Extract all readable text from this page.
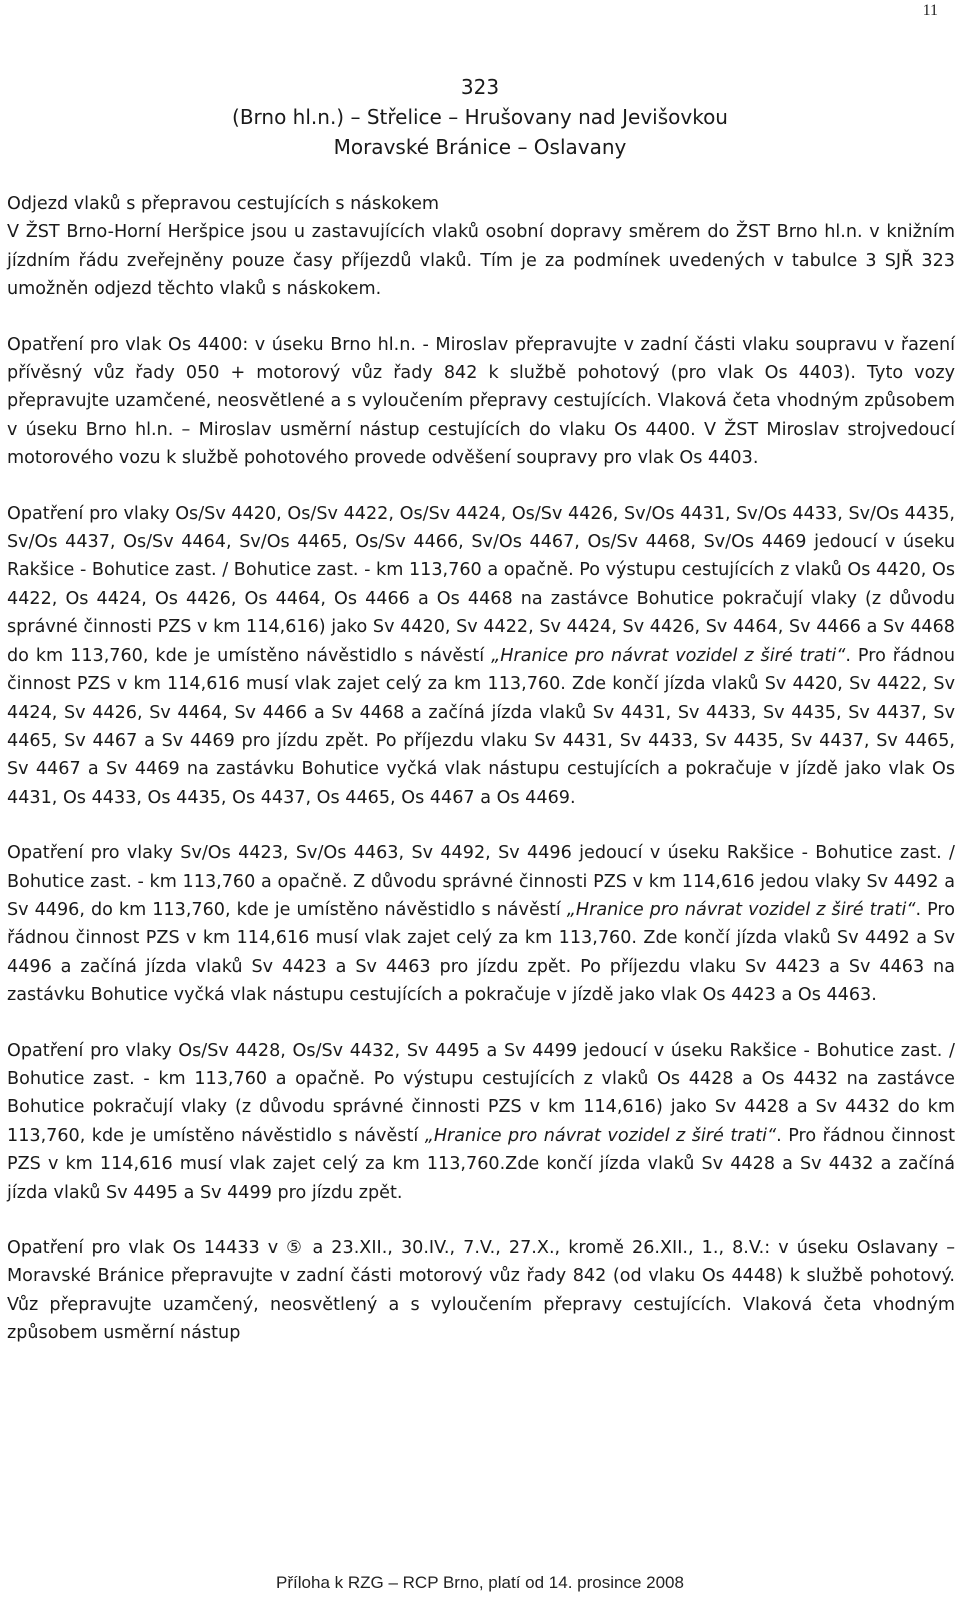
11
323
(Brno hl.n.) – Střelice – Hrušovany nad Jevišovkou
Moravské Bránice – Oslavany

Odjezd vlaků s přepravou cestujících s náskokem

V ŽST Brno-Horní Heršpice jsou u zastavujících vlaků osobní dopravy směrem do ŽST Brno hl.n. v knižním jízdním řádu zveřejněny pouze časy příjezdů vlaků. Tím je za podmínek uvedených v tabulce 3 SJŘ 323 umožněn odjezd těchto vlaků s náskokem.

Opatření pro vlak Os 4400: v úseku Brno hl.n. - Miroslav přepravujte v zadní části vlaku soupravu v řazení přívěsný vůz řady 050 + motorový vůz řady 842 k službě pohotový (pro vlak Os 4403). Tyto vozy přepravujte uzamčené, neosvětlené a s vyloučením přepravy cestujících. Vlaková četa vhodným způsobem v úseku Brno hl.n. – Miroslav usměrní nástup cestujících do vlaku Os 4400. V ŽST Miroslav strojvedoucí motorového vozu k službě pohotového provede odvěšení soupravy pro vlak Os 4403.

Opatření pro vlaky Os/Sv 4420, Os/Sv 4422, Os/Sv 4424, Os/Sv 4426, Sv/Os 4431, Sv/Os 4433, Sv/Os 4435, Sv/Os 4437, Os/Sv 4464, Sv/Os 4465, Os/Sv 4466, Sv/Os 4467, Os/Sv 4468, Sv/Os 4469 jedoucí v úseku Rakšice - Bohutice zast. / Bohutice zast. - km 113,760 a opačně. Po výstupu cestujících z vlaků Os 4420, Os 4422, Os 4424, Os 4426, Os 4464, Os 4466 a Os 4468 na zastávce Bohutice pokračují vlaky (z důvodu správné činnosti PZS v km 114,616) jako Sv 4420, Sv 4422, Sv 4424, Sv 4426, Sv 4464, Sv 4466 a Sv 4468 do km 113,760, kde je umístěno návěstidlo s návěstí „Hranice pro návrat vozidel z širé trati“. Pro řádnou činnost PZS v km 114,616 musí vlak zajet celý za km 113,760. Zde končí jízda vlaků Sv 4420, Sv 4422, Sv 4424, Sv 4426, Sv 4464, Sv 4466 a Sv 4468 a začíná jízda vlaků Sv 4431, Sv 4433, Sv 4435, Sv 4437, Sv 4465, Sv 4467 a Sv 4469 pro jízdu zpět. Po příjezdu vlaku Sv 4431, Sv 4433, Sv 4435, Sv 4437, Sv 4465, Sv 4467 a Sv 4469 na zastávku Bohutice vyčká vlak nástupu cestujících a pokračuje v jízdě jako vlak Os 4431, Os 4433, Os 4435, Os 4437, Os 4465, Os 4467 a Os 4469.

Opatření pro vlaky Sv/Os 4423, Sv/Os 4463, Sv 4492, Sv 4496 jedoucí v úseku Rakšice - Bohutice zast. / Bohutice zast. - km 113,760 a opačně. Z důvodu správné činnosti PZS v km 114,616 jedou vlaky Sv 4492 a Sv 4496, do km 113,760, kde je umístěno návěstidlo s návěstí „Hranice pro návrat vozidel z širé trati“. Pro řádnou činnost PZS v km 114,616 musí vlak zajet celý za km 113,760. Zde končí jízda vlaků Sv 4492 a Sv 4496 a začíná jízda vlaků Sv 4423 a Sv 4463 pro jízdu zpět. Po příjezdu vlaku Sv 4423 a Sv 4463 na zastávku Bohutice vyčká vlak nástupu cestujících a pokračuje v jízdě jako vlak Os 4423 a Os 4463.

Opatření pro vlaky Os/Sv 4428, Os/Sv 4432, Sv 4495 a Sv 4499 jedoucí v úseku Rakšice - Bohutice zast. / Bohutice zast. - km 113,760 a opačně. Po výstupu cestujících z vlaků Os 4428 a Os 4432 na zastávce Bohutice pokračují vlaky (z důvodu správné činnosti PZS v km 114,616) jako Sv 4428 a Sv 4432 do km 113,760, kde je umístěno návěstidlo s návěstí „Hranice pro návrat vozidel z širé trati“. Pro řádnou činnost PZS v km 114,616 musí vlak zajet celý za km 113,760.Zde končí jízda vlaků Sv 4428 a Sv 4432 a začíná jízda vlaků Sv 4495 a Sv 4499 pro jízdu zpět.

Opatření pro vlak Os 14433 v ⑤ a 23.XII., 30.IV., 7.V., 27.X., kromě 26.XII., 1., 8.V.: v úseku Oslavany – Moravské Bránice přepravujte v zadní části motorový vůz řady 842 (od vlaku Os 4448) k službě pohotový. Vůz přepravujte uzamčený, neosvětlený a s vyloučením přepravy cestujících. Vlaková četa vhodným způsobem usměrní nástup

Příloha k RZG – RCP Brno, platí od 14. prosince 2008
